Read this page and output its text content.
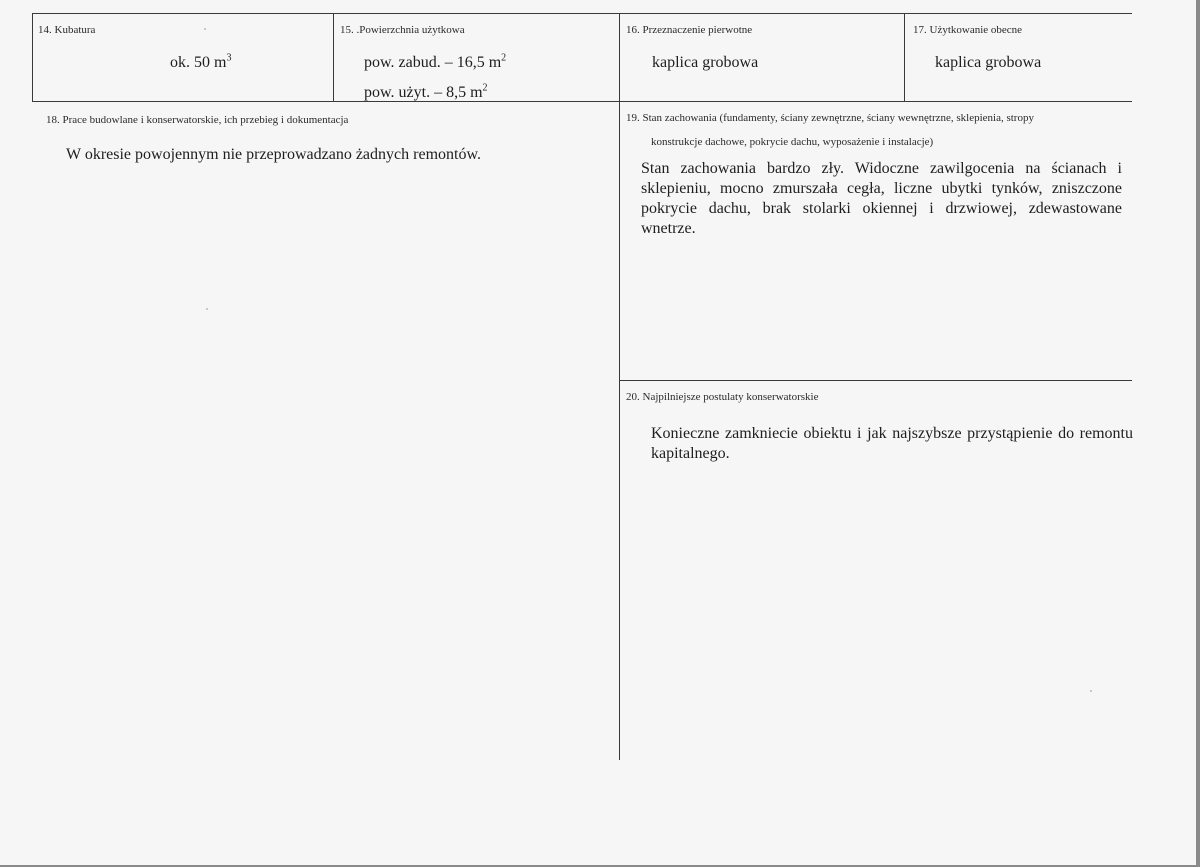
14. Kubatura
ok. 50 $m^3$
15. .Powierzchnia użytkowa
pow. zabud. – 16,5 $m^2$
pow. użyt. – 8,5 $m^2$
16. Przeznaczenie pierwotne
kaplica grobowa
17. Użytkowanie obecne
kaplica grobowa
18. Prace budowlane i konserwatorskie, ich przebieg i dokumentacja
W okresie powojennym nie przeprowadzano żadnych remontów.
19. Stan zachowania (fundamenty, ściany zewnętrzne, ściany wewnętrzne, sklepienia, stropy
konstrukcje dachowe, pokrycie dachu, wyposażenie i instalacje)

Stan zachowania bardzo zły. Widoczne zawilgocenia na ścianach i sklepieniu, mocno zmurszała cegła, liczne ubytki tynków, zniszczone pokrycie dachu, brak stolarki okiennej i drzwiowej, zdewastowane wnetrze.

20. Najpilniejsze postulaty konserwatorskie

Konieczne zamkniecie obiektu i jak najszybsze przystąpienie do remontu kapitalnego.
